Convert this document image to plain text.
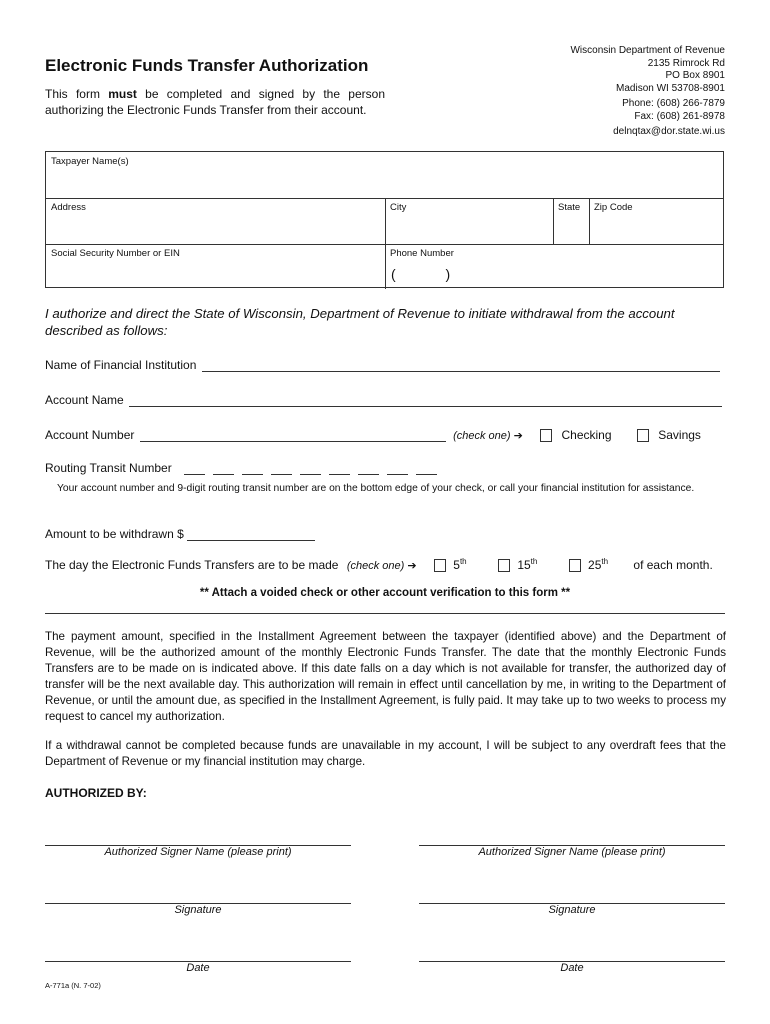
Electronic Funds Transfer Authorization
This form must be completed and signed by the person authorizing the Electronic Funds Transfer from their account.
Wisconsin Department of Revenue
2135 Rimrock Rd
PO Box 8901
Madison WI 53708-8901
Phone: (608) 266-7879
Fax: (608) 261-8978
delnqtax@dor.state.wi.us
Taxpayer Name(s)
Address	City	State	Zip Code
Social Security Number or EIN	Phone Number
(          )
I authorize and direct the State of Wisconsin, Department of Revenue to initiate withdrawal from the account described as follows:
Name of Financial Institution
Account Name
Account Number	(check one) ➔	Checking	Savings
Routing Transit Number
Your account number and 9-digit routing transit number are on the bottom edge of your check, or call your financial institution for assistance.
Amount to be withdrawn $
The day the Electronic Funds Transfers are to be made (check one) ➔	5th	15th	25th of each month.
** Attach a voided check or other account verification to this form **
The payment amount, specified in the Installment Agreement between the taxpayer (identified above) and the Department of Revenue, will be the authorized amount of the monthly Electronic Funds Transfer. The date that the monthly Electronic Funds Transfers are to be made on is indicated above. If this date falls on a day which is not available for transfer, the authorized day of transfer will be the next available day. This authorization will remain in effect until cancellation by me, in writing to the Department of Revenue, or until the amount due, as specified in the Installment Agreement, is fully paid. It may take up to two weeks to process my request to cancel my authorization.
If a withdrawal cannot be completed because funds are unavailable in my account, I will be subject to any overdraft fees that the Department of Revenue or my financial institution may charge.
AUTHORIZED BY:
Authorized Signer Name (please print)
Signature
Date
Authorized Signer Name (please print)
Signature
Date
A-771a (N. 7-02)
